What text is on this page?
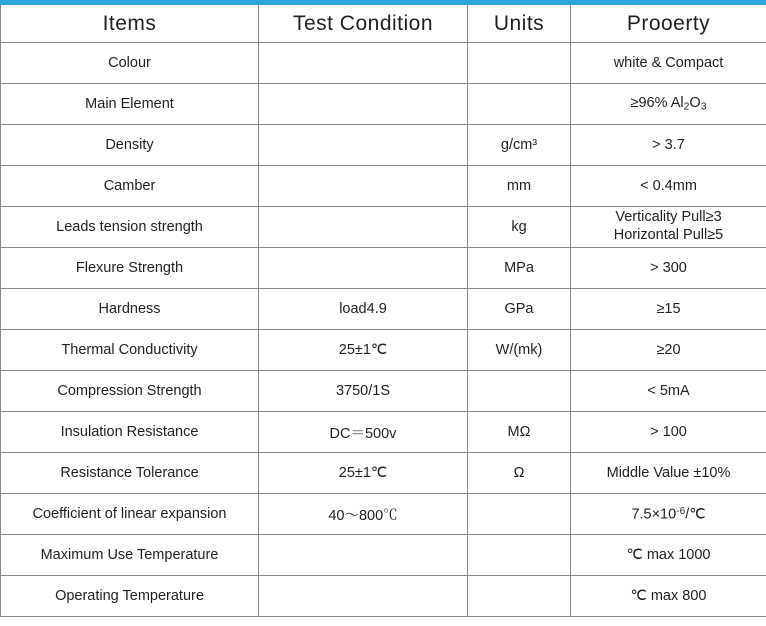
Items	Test Condition	Units	Prooerty
Colour			white & Compact
Main Element			≥96% $Al_2O_3$
Density		g/cm³	> 3.7
Camber		mm	< 0.4mm
Leads tension strength		kg	Verticality Pull≥3
Horizontal Pull≥5

Flexure Strength		MPa	> 300
Hardness	load4.9	GPa	≥15
Thermal Conductivity	25±1℃	W/(mk)	≥20
Compression Strength	3750/1S		< 5mA
Insulation Resistance	DC＝500v	MΩ	> 100
Resistance Tolerance	25±1℃	Ω	Middle Value ±10%
Coefficient of linear expansion	40～800℃		$7.5\times 10^{-6}/℃$
Maximum Use Temperature			℃ max 1000
Operating Temperature			℃ max 800
